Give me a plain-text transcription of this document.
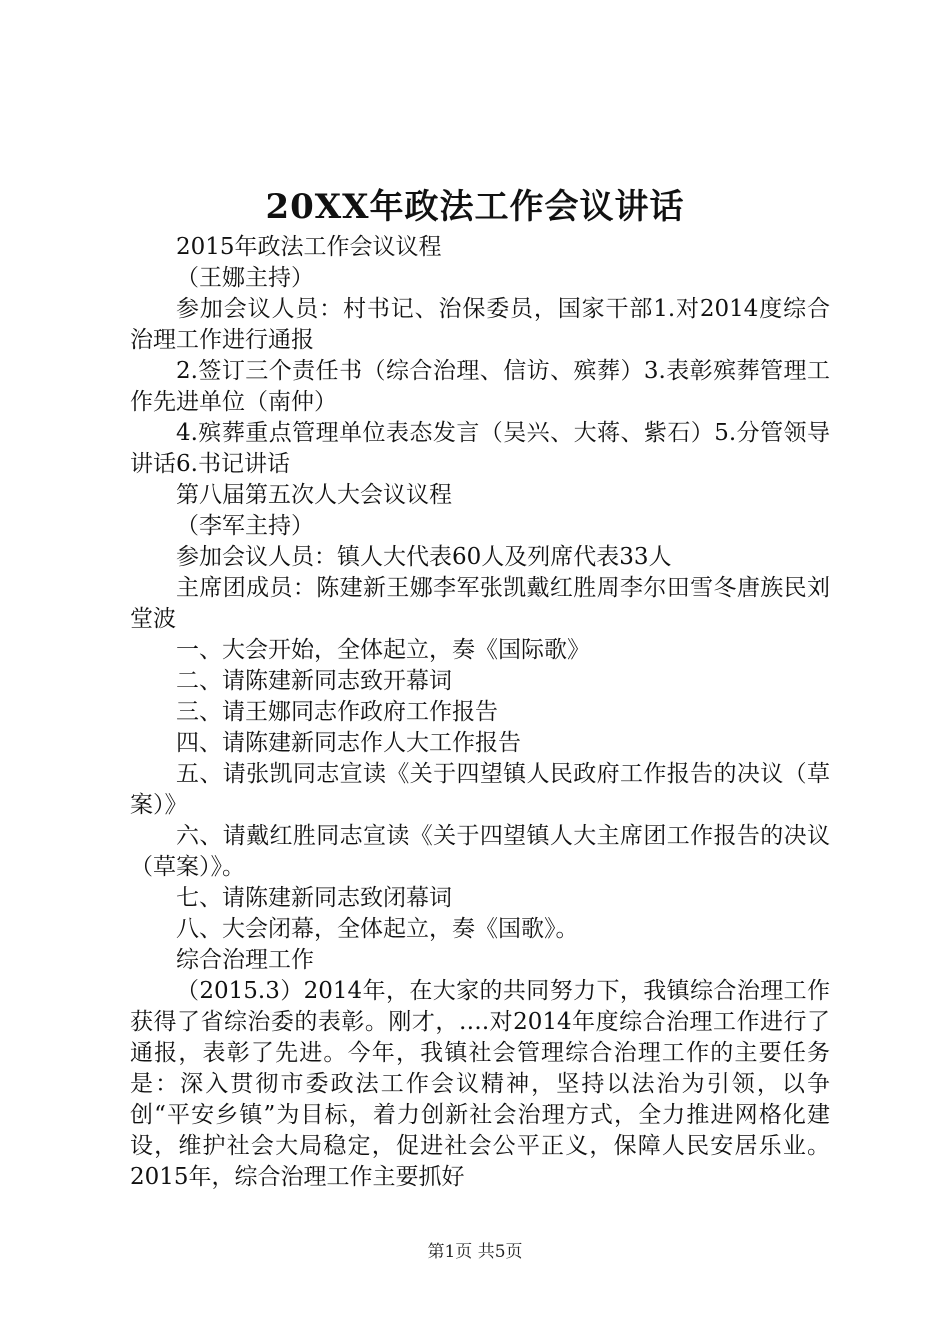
20XX年政法工作会议讲话

2015年政法工作会议议程

（王娜主持）

参加会议人员：村书记、治保委员，国家干部1.对2014度综合治理工作进行通报

2.签订三个责任书（综合治理、信访、殡葬）3.表彰殡葬管理工作先进单位（南仲）

4.殡葬重点管理单位表态发言（吴兴、大蒋、紫石）5.分管领导讲话6.书记讲话

第八届第五次人大会议议程

（李军主持）

参加会议人员：镇人大代表60人及列席代表33人

主席团成员：陈建新王娜李军张凯戴红胜周李尔田雪冬唐族民刘堂波

一、大会开始，全体起立，奏《国际歌》

二、请陈建新同志致开幕词

三、请王娜同志作政府工作报告

四、请陈建新同志作人大工作报告

五、请张凯同志宣读《关于四望镇人民政府工作报告的决议（草案）》

六、请戴红胜同志宣读《关于四望镇人大主席团工作报告的决议（草案）》。

七、请陈建新同志致闭幕词

八、大会闭幕，全体起立，奏《国歌》。

综合治理工作

（2015.3）2014年，在大家的共同努力下，我镇综合治理工作获得了省综治委的表彰。刚才，….对2014年度综合治理工作进行了通报，表彰了先进。今年，我镇社会管理综合治理工作的主要任务是：深入贯彻市委政法工作会议精神，坚持以法治为引领，以争创“平安乡镇”为目标，着力创新社会治理方式，全力推进网格化建设，维护社会大局稳定，促进社会公平正义，保障人民安居乐业。2015年，综合治理工作主要抓好

第1页 共5页
